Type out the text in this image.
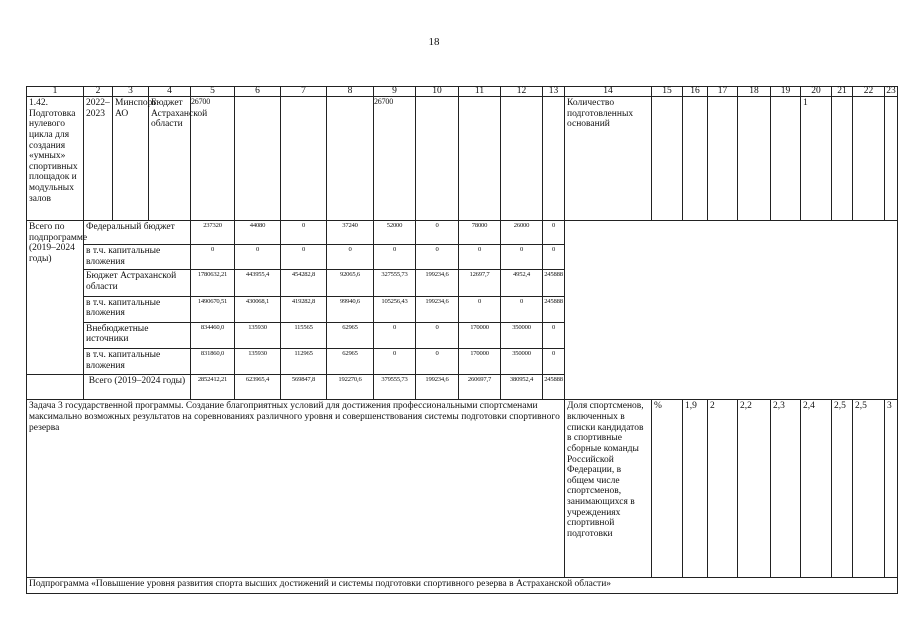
18
1	2	3	4	5	6	7	8	9	10	11	12	13	14	15	16	17	18	19	20	21	22	23
1.42. Подготовка нулевого цикла для создания «умных» спортивных площадок и модульных залов	2022–2023	Минспорт АО	Бюджет Астраханской области	26700				26700					Количество подготовленных оснований						1			
Всего по подпрограмме (2019–2024 годы)	Федеральный бюджет			237320	44080	0	37240	52000	0	78000	26000	0										
	в т.ч. капитальные вложения			0	0	0	0	0	0	0	0	0										
	Бюджет Астраханской области			1780632,21	443955,4	454282,8	92065,6	327555,73	199234,6	12697,7	4952,4	245888										
	в т.ч. капитальные вложения			1490670,51	430068,1	419282,8	99940,6	105256,43	199234,6	0	0	245888										
	Внебюджетные источники			834460,0	135930	115565	62965	0	0	170000	350000	0										
	в т.ч. капитальные вложения			831860,0	135930	112965	62965	0	0	170000	350000	0										
	Всего (2019–2024 годы)			2852412,21	623965,4	569847,8	192270,6	379555,73	199234,6	260697,7	380952,4	245888										
Задача 3 государственной программы. Создание благоприятных условий для достижения профессиональными спортсменами максимально возможных результатов на соревнованиях различного уровня и совершенствования системы подготовки спортивного резерва													Доля спортсменов, включенных в списки кандидатов в спортивные сборные команды Российской Федерации, в общем числе спортсменов, занимающихся в учреждениях спортивной подготовки	%	1,9	2	2,2	2,3	2,4	2,5	2,5	3
Подпрограмма «Повышение уровня развития спорта высших достижений и системы подготовки спортивного резерва в Астраханской области»																						
